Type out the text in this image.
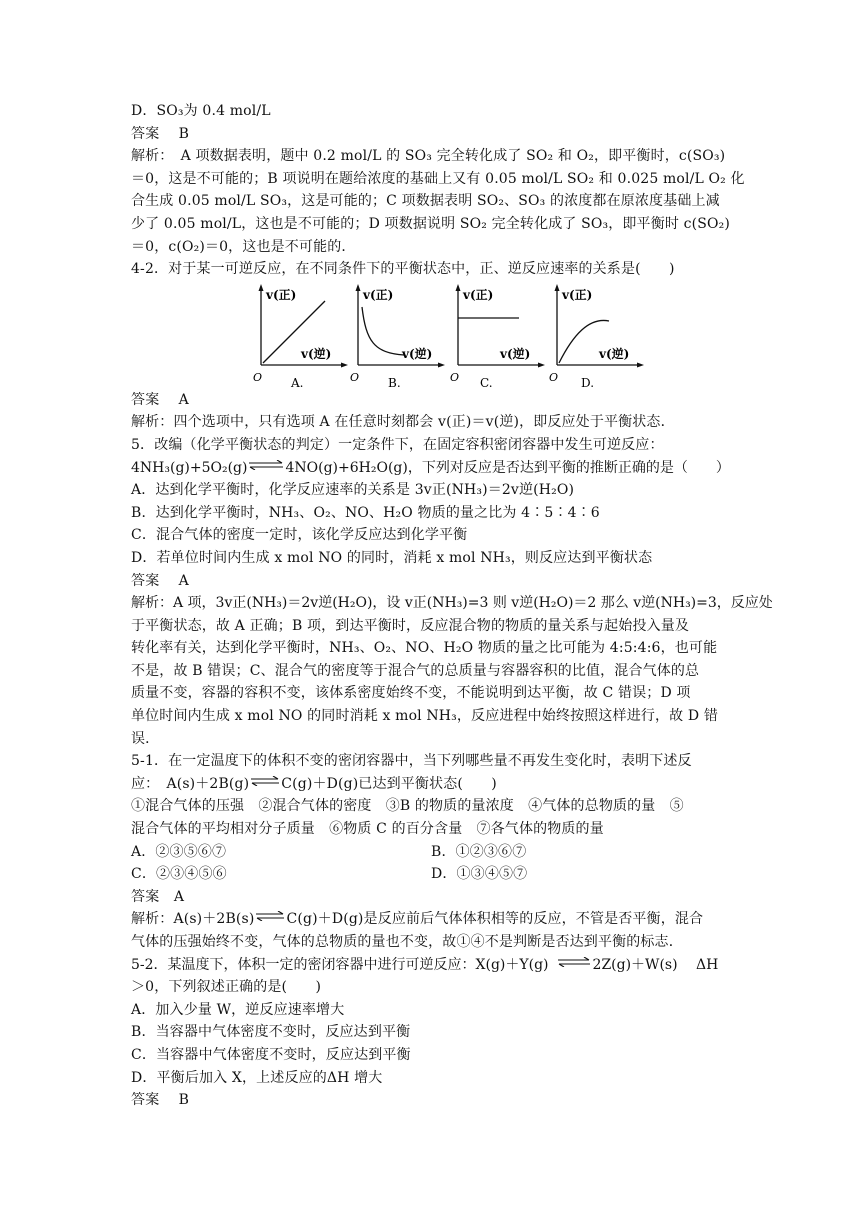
D．SO₃为 0.4 mol/L
答案　 B
解析：　A 项数据表明，题中 0.2 mol/L 的 SO₃ 完全转化成了 SO₂ 和 O₂，即平衡时，c(SO₃)
＝0，这是不可能的；B 项说明在题给浓度的基础上又有 0.05 mol/L SO₂ 和 0.025 mol/L O₂ 化
合生成 0.05 mol/L SO₃，这是可能的；C 项数据表明 SO₂、SO₃ 的浓度都在原浓度基础上减
少了 0.05 mol/L，这也是不可能的；D 项数据说明 SO₂ 完全转化成了 SO₃，即平衡时 c(SO₂)
＝0，c(O₂)＝0，这也是不可能的．
4-2．对于某一可逆反应，在不同条件下的平衡状态中，正、逆反应速率的关系是(　　)
v(正)
v(逆)
O A.
v(正)
v(逆)
O B.
v(正)
v(逆)
O C.
v(正)
v(逆)
O D.
答案　 A
解析：四个选项中，只有选项 A 在任意时刻都会 v(正)＝v(逆)，即反应处于平衡状态．
5．改编（化学平衡状态的判定）一定条件下，在固定容积密闭容器中发生可逆反应：
4NH₃(g)+5O₂(g)⇌4NO(g)+6H₂O(g)，下列对反应是否达到平衡的推断正确的是（　　）
A．达到化学平衡时，化学反应速率的关系是 3v正(NH₃)＝2v逆(H₂O)
B．达到化学平衡时，NH₃、O₂、NO、H₂O 物质的量之比为 4∶5∶4∶6
C．混合气体的密度一定时，该化学反应达到化学平衡
D．若单位时间内生成 x mol NO 的同时，消耗 x mol NH₃，则反应达到平衡状态
答案　 A
解析：A 项，3v正(NH₃)＝2v逆(H₂O)，设 v正(NH₃)=3 则 v逆(H₂O)＝2 那么 v逆(NH₃)=3，反应处
于平衡状态，故 A 正确；B 项，到达平衡时，反应混合物的物质的量关系与起始投入量及
转化率有关，达到化学平衡时，NH₃、O₂、NO、H₂O 物质的量之比可能为 4:5:4:6，也可能
不是，故 B 错误；C、混合气的密度等于混合气的总质量与容器容积的比值，混合气体的总
质量不变，容器的容积不变，该体系密度始终不变，不能说明到达平衡，故 C 错误；D 项
单位时间内生成 x mol NO 的同时消耗 x mol NH₃，反应进程中始终按照这样进行，故 D 错
误．
5-1．在一定温度下的体积不变的密闭容器中，当下列哪些量不再发生变化时，表明下述反
应：　A(s)＋2B(g)⇌C(g)＋D(g)已达到平衡状态(　　)
①混合气体的压强　②混合气体的密度　③B 的物质的量浓度　④气体的总物质的量　⑤
混合气体的平均相对分子质量　⑥物质 C 的百分含量　⑦各气体的物质的量
A．②③⑤⑥⑦	B．①②③⑥⑦
C．②③④⑤⑥	D．①③④⑤⑦
答案　A
解析：A(s)＋2B(s)⇌C(g)＋D(g)是反应前后气体体积相等的反应，不管是否平衡，混合
气体的压强始终不变，气体的总物质的量也不变，故①④不是判断是否达到平衡的标志．
5-2．某温度下，体积一定的密闭容器中进行可逆反应：X(g)＋Y(g) ⇌ 2Z(g)＋W(s)　 ΔH
＞0，下列叙述正确的是(　　)
A．加入少量 W，逆反应速率增大
B．当容器中气体密度不变时，反应达到平衡
C．当容器中气体密度不变时，反应达到平衡
D．平衡后加入 X，上述反应的ΔH 增大
答案　 B
